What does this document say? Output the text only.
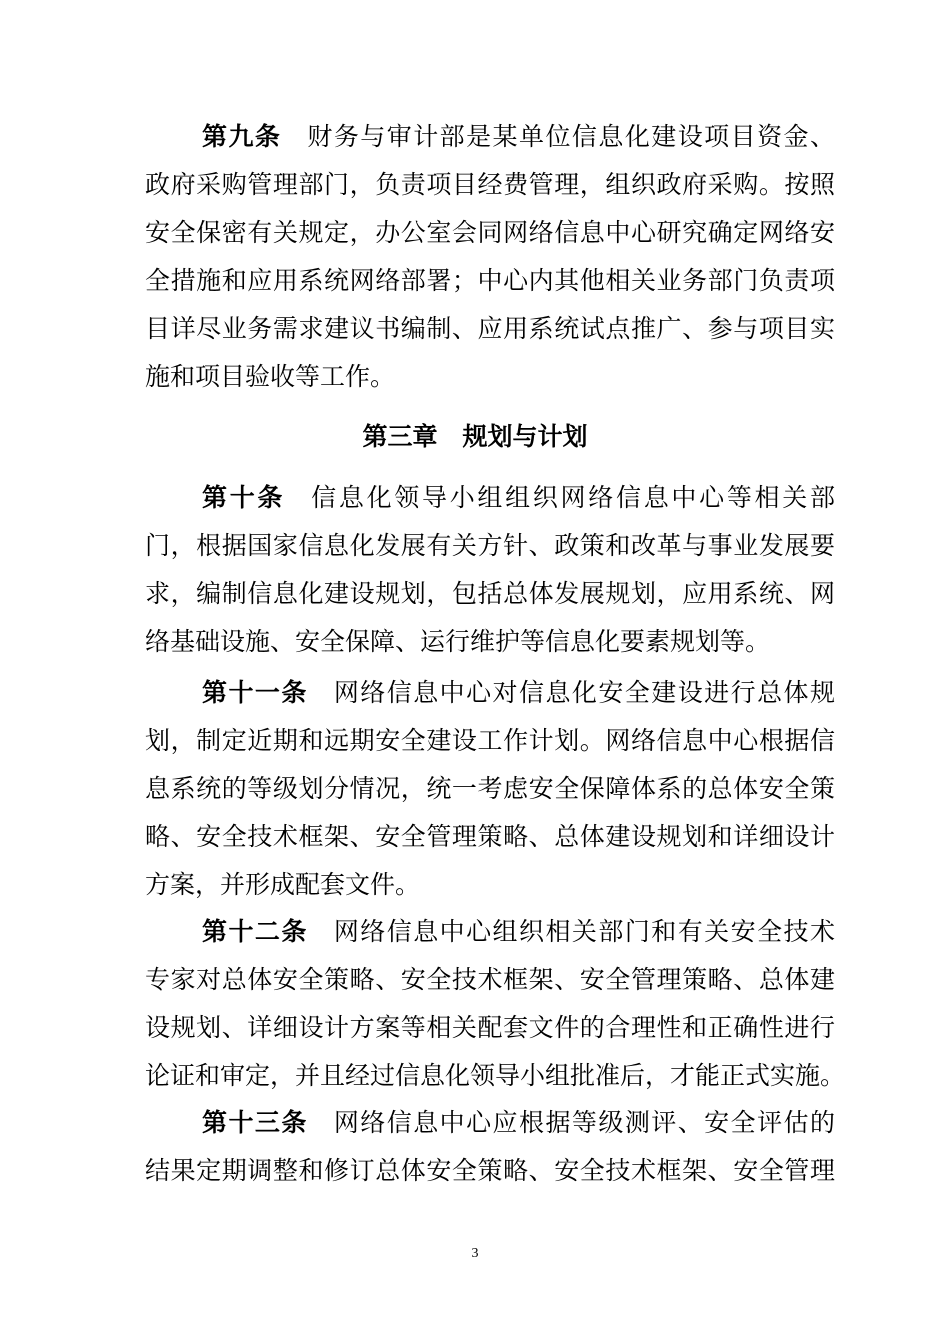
第九条 财务与审计部是某单位信息化建设项目资金、
政府采购管理部门，负责项目经费管理，组织政府采购。按照
安全保密有关规定，办公室会同网络信息中心研究确定网络安
全措施和应用系统网络部署；中心内其他相关业务部门负责项
目详尽业务需求建议书编制、应用系统试点推广、参与项目实
施和项目验收等工作。
第三章　规划与计划
第十条 信息化领导小组组织网络信息中心等相关部
门，根据国家信息化发展有关方针、政策和改革与事业发展要
求，编制信息化建设规划，包括总体发展规划，应用系统、网
络基础设施、安全保障、运行维护等信息化要素规划等。
第十一条 网络信息中心对信息化安全建设进行总体规
划，制定近期和远期安全建设工作计划。网络信息中心根据信
息系统的等级划分情况，统一考虑安全保障体系的总体安全策
略、安全技术框架、安全管理策略、总体建设规划和详细设计
方案，并形成配套文件。
第十二条 网络信息中心组织相关部门和有关安全技术
专家对总体安全策略、安全技术框架、安全管理策略、总体建
设规划、详细设计方案等相关配套文件的合理性和正确性进行
论证和审定，并且经过信息化领导小组批准后，才能正式实施。
第十三条 网络信息中心应根据等级测评、安全评估的
结果定期调整和修订总体安全策略、安全技术框架、安全管理
3
